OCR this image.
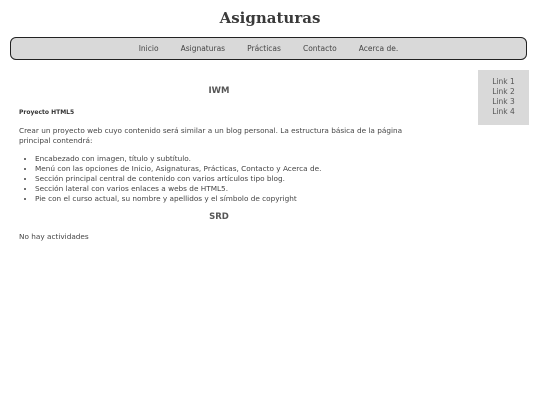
Asignaturas
Inicio	Asignaturas	Prácticas	Contacto	Acerca de.
Link 1
Link 2
Link 3
Link 4
IWM
Proyecto HTML5

Crear un proyecto web cuyo contenido será similar a un blog personal. La estructura básica de la página principal contendrá:

• Encabezado con imagen, título y subtítulo.
• Menú con las opciones de Inicio, Asignaturas, Prácticas, Contacto y Acerca de.
• Sección principal central de contenido con varios artículos tipo blog.
• Sección lateral con varios enlaces a webs de HTML5.
• Pie con el curso actual, su nombre y apellidos y el símbolo de copyright
SRD

No hay actividades
